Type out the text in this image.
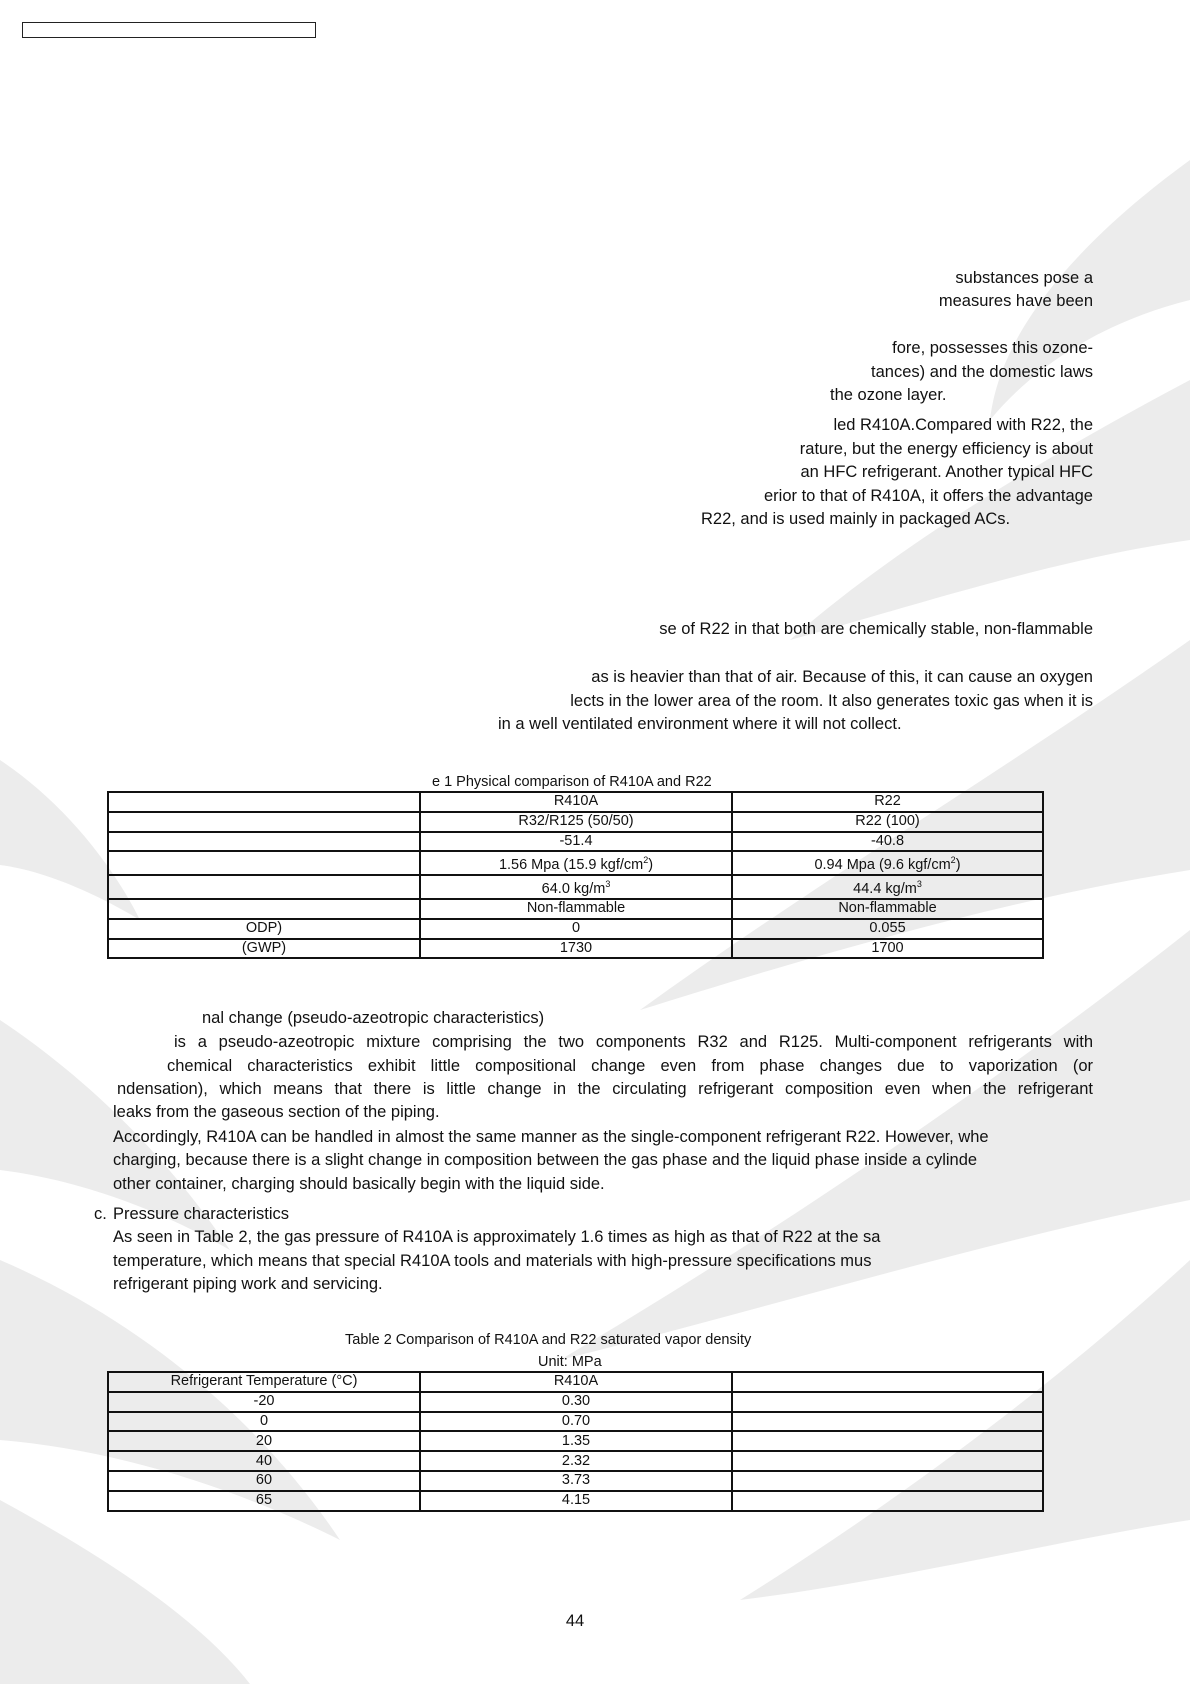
substances pose a
measures have been
fore, possesses this ozone-
tances) and the domestic laws
the ozone layer.
led R410A.Compared with R22, the
rature, but the energy efficiency is about
an HFC refrigerant. Another typical HFC
erior to that of R410A, it offers the advantage
R22, and is used mainly in packaged ACs.
se of R22 in that both are chemically stable, non-flammable
as is heavier than that of air. Because of this, it can cause an oxygen
lects in the lower area of the room. It also generates toxic gas when it is
in a well ventilated environment where it will not collect.
e 1 Physical comparison of R410A and R22
	R410A	R22
	R32/R125 (50/50)	R22 (100)
	-51.4	-40.8
	1.56 Mpa (15.9 kgf/$cm^2$)	0.94 Mpa (9.6 kgf/$cm^2$)
	64.0 $kg/m^3$	44.4 $kg/m^3$
	Non-flammable	Non-flammable
ODP)	0	0.055
(GWP)	1730	1700
nal change (pseudo-azeotropic characteristics)
is a pseudo-azeotropic mixture comprising the two components R32 and R125. Multi-component refrigerants with
chemical characteristics exhibit little compositional change even from phase changes due to vaporization (or
ndensation), which means that there is little change in the circulating refrigerant composition even when the refrigerant
leaks from the gaseous section of the piping.
Accordingly, R410A can be handled in almost the same manner as the single-component refrigerant R22. However, whe
charging, because there is a slight change in composition between the gas phase and the liquid phase inside a cylinde
other container, charging should basically begin with the liquid side.
c. Pressure characteristics
As seen in Table 2, the gas pressure of R410A is approximately 1.6 times as high as that of R22 at the sa
temperature, which means that special R410A tools and materials with high-pressure specifications mus
refrigerant piping work and servicing.
Table 2 Comparison of R410A and R22 saturated vapor density
Unit: MPa
Refrigerant Temperature (°C)	R410A	
-20	0.30	
0	0.70	
20	1.35	
40	2.32	
60	3.73	
65	4.15	
44
